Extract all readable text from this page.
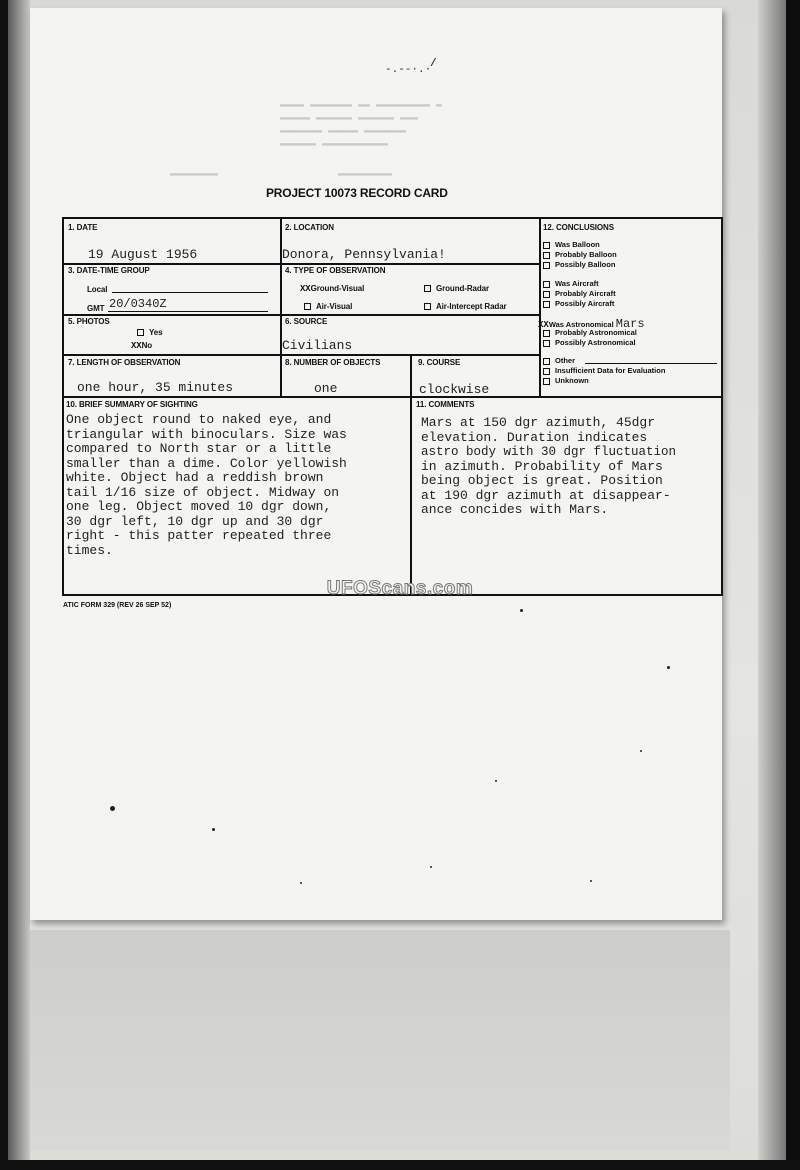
▬▬▬▬ ▬▬▬▬▬▬▬ ▬▬ ▬▬▬▬▬▬▬▬▬ ▬
▬▬▬▬▬ ▬▬▬▬▬▬ ▬▬▬▬▬▬ ▬▬▬
▬▬▬▬▬▬▬ ▬▬▬▬▬ ▬▬▬▬▬▬▬
▬▬▬▬▬▬ ▬▬▬▬▬▬▬▬▬▬▬
▬▬▬▬▬▬▬▬                    ▬▬▬▬▬▬▬▬▬
-.--·.·
/
PROJECT 10073 RECORD CARD
1. DATE
19 August 1956
2. LOCATION
Donora, Pennsylvania!
3. DATE-TIME GROUP
Local
GMT 20/0340Z
4. TYPE OF OBSERVATION
XXGround-Visual	Ground-Radar
Air-Visual	Air-Intercept Radar
5. PHOTOS
Yes
XXNo
6. SOURCE
Civilians
7. LENGTH OF OBSERVATION
one hour, 35 minutes
8. NUMBER OF OBJECTS
one
9. COURSE
clockwise
10. BRIEF SUMMARY OF SIGHTING
One object round to naked eye, and
triangular with binoculars. Size was
compared to North star or a little
smaller than a dime. Color yellowish
white. Object had a reddish brown
tail 1/16 size of object. Midway on
one leg. Object moved 10 dgr down,
30 dgr left, 10 dgr up and 30 dgr
right - this patter repeated three
times.
11. COMMENTS
Mars at 150 dgr azimuth, 45dgr
elevation. Duration indicates
astro body with 30 dgr fluctuation
in azimuth. Probability of Mars
being object is great. Position
at 190 dgr azimuth at disappear-
ance concides with Mars.
12. CONCLUSIONS
Was Balloon
Probably Balloon
Possibly Balloon
Was Aircraft
Probably Aircraft
Possibly Aircraft
XXWas Astronomical Mars
Probably Astronomical
Possibly Astronomical
Other
Insufficient Data for Evaluation
Unknown
UFOScans.com
ATIC FORM 329 (REV 26 SEP 52)
